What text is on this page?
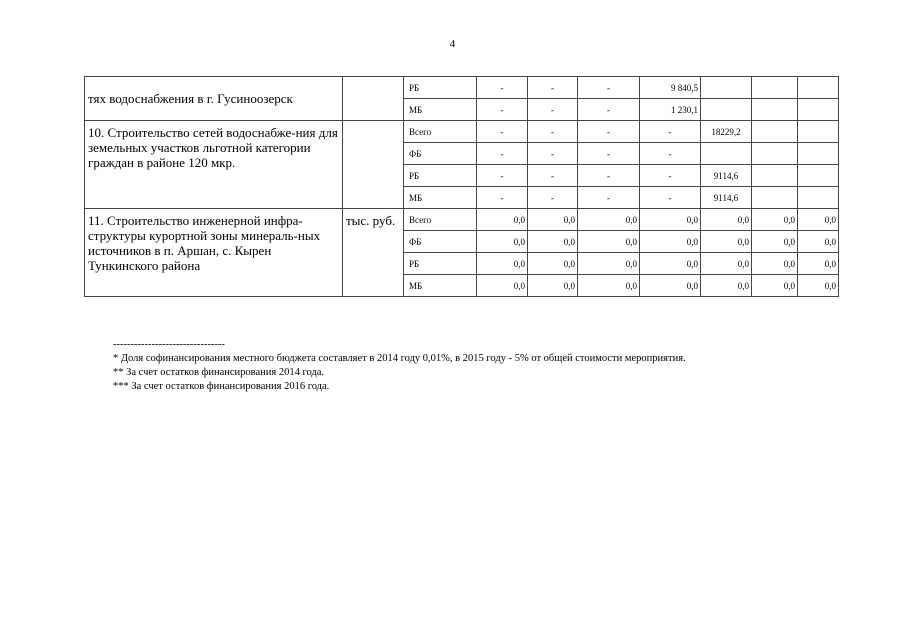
4
тях водоснабжения в г. Гусиноозерск		РБ	-	-	-	9 840,5			
		МБ	-	-	-	1 230,1			
10. Строительство сетей водоснабже-ния для земельных участков льготной категории граждан в районе 120 мкр.		Всего	-	-	-	-	18229,2		
		ФБ	-	-	-	-			
		РБ	-	-	-	-	9114,6		
		МБ	-	-	-	-	9114,6		
11. Строительство инженерной инфра-структуры курортной зоны минераль-ных источников в п. Аршан, с. Кырен Тункинского района	тыс. руб.	Всего	0,0	0,0	0,0	0,0	0,0	0,0	0,0
		ФБ	0,0	0,0	0,0	0,0	0,0	0,0	0,0
		РБ	0,0	0,0	0,0	0,0	0,0	0,0	0,0
		МБ	0,0	0,0	0,0	0,0	0,0	0,0	0,0
--------------------------------
* Доля софинансирования местного бюджета составляет в 2014 году 0,01%, в 2015 году - 5% от общей стоимости мероприятия.
** За счет остатков финансирования 2014 года.
*** За счет остатков финансирования 2016 года.
